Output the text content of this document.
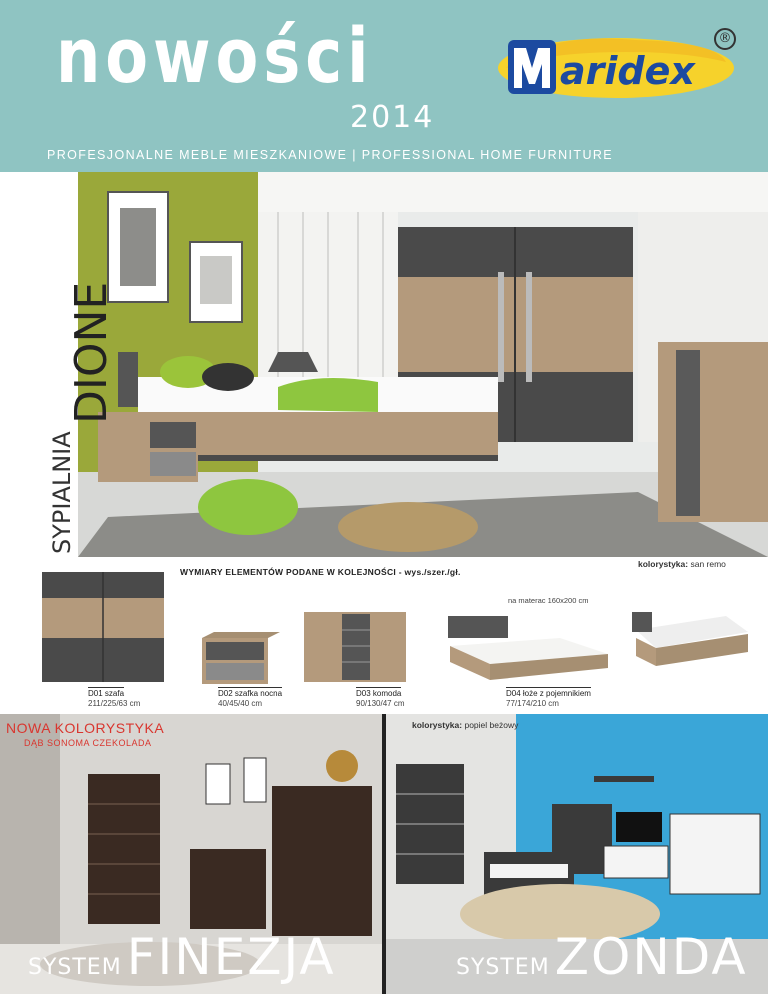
nowości
2014
PROFESJONALNE MEBLE MIESZKANIOWE | PROFESSIONAL HOME FURNITURE
aridex
®
SYPIALNIA
DIONE
kolorystyka: san remo
WYMIARY ELEMENTÓW PODANE W KOLEJNOŚCI - wys./szer./gł.
na materac 160x200 cm
D01 szafa
211/225/63 cm
D02 szafka nocna
40/45/40 cm
D03 komoda
90/130/47 cm
D04 łoże z pojemnikiem
77/174/210 cm
NOWA KOLORYSTYKA
DĄB SONOMA CZEKOLADA
kolorystyka: popiel beżowy
SYSTEM FINEZJA	SYSTEM ZONDA
